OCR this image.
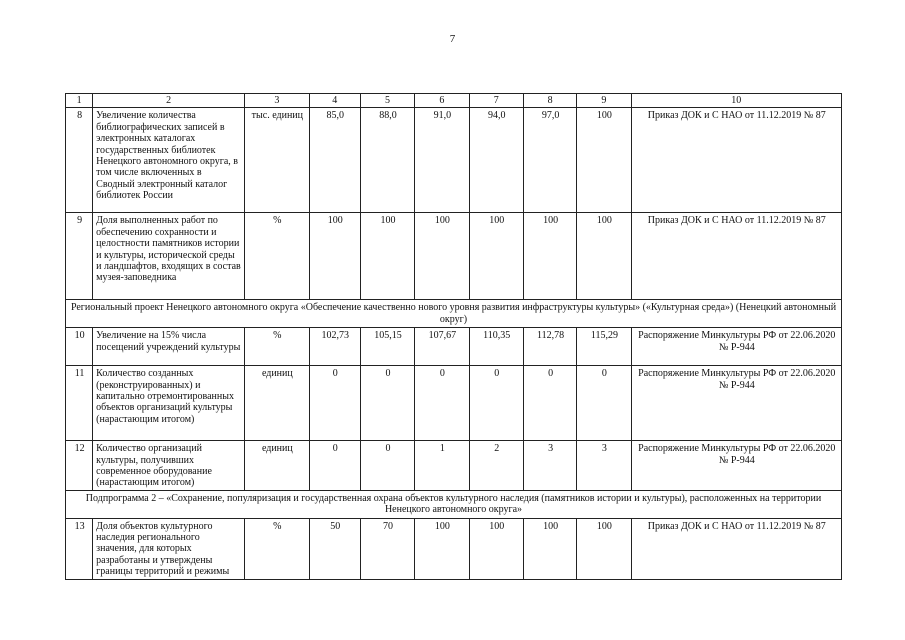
7
1	2	3	4	5	6	7	8	9	10
8	Увеличение количества библиографических записей в электронных каталогах государственных библиотек Ненецкого автономного округа, в том числе включенных в Сводный электронный каталог библиотек России	тыс. единиц	85,0	88,0	91,0	94,0	97,0	100	Приказ ДОК и С НАО от 11.12.2019 № 87
9	Доля выполненных работ по обеспечению сохранности и целостности памятников истории и культуры, исторической среды и ландшафтов, входящих в состав музея-заповедника	%	100	100	100	100	100	100	Приказ ДОК и С НАО от 11.12.2019 № 87
Региональный проект Ненецкого автономного округа «Обеспечение качественно нового уровня развития инфраструктуры культуры» («Культурная среда») (Ненецкий автономный округ)									
10	Увеличение на 15% числа посещений учреждений культуры	%	102,73	105,15	107,67	110,35	112,78	115,29	Распоряжение Минкультуры РФ от 22.06.2020 № Р-944
11	Количество созданных (реконструированных) и капитально отремонтированных объектов организаций культуры (нарастающим итогом)	единиц	0	0	0	0	0	0	Распоряжение Минкультуры РФ от 22.06.2020 № Р-944
12	Количество организаций культуры, получивших современное оборудование (нарастающим итогом)	единиц	0	0	1	2	3	3	Распоряжение Минкультуры РФ от 22.06.2020 № Р-944
Подпрограмма 2 – «Сохранение, популяризация и государственная охрана объектов культурного наследия (памятников истории и культуры), расположенных на территории Ненецкого автономного округа»									
13	Доля объектов культурного наследия регионального значения, для которых разработаны и утверждены границы территорий и режимы	%	50	70	100	100	100	100	Приказ ДОК и С НАО от 11.12.2019 № 87
